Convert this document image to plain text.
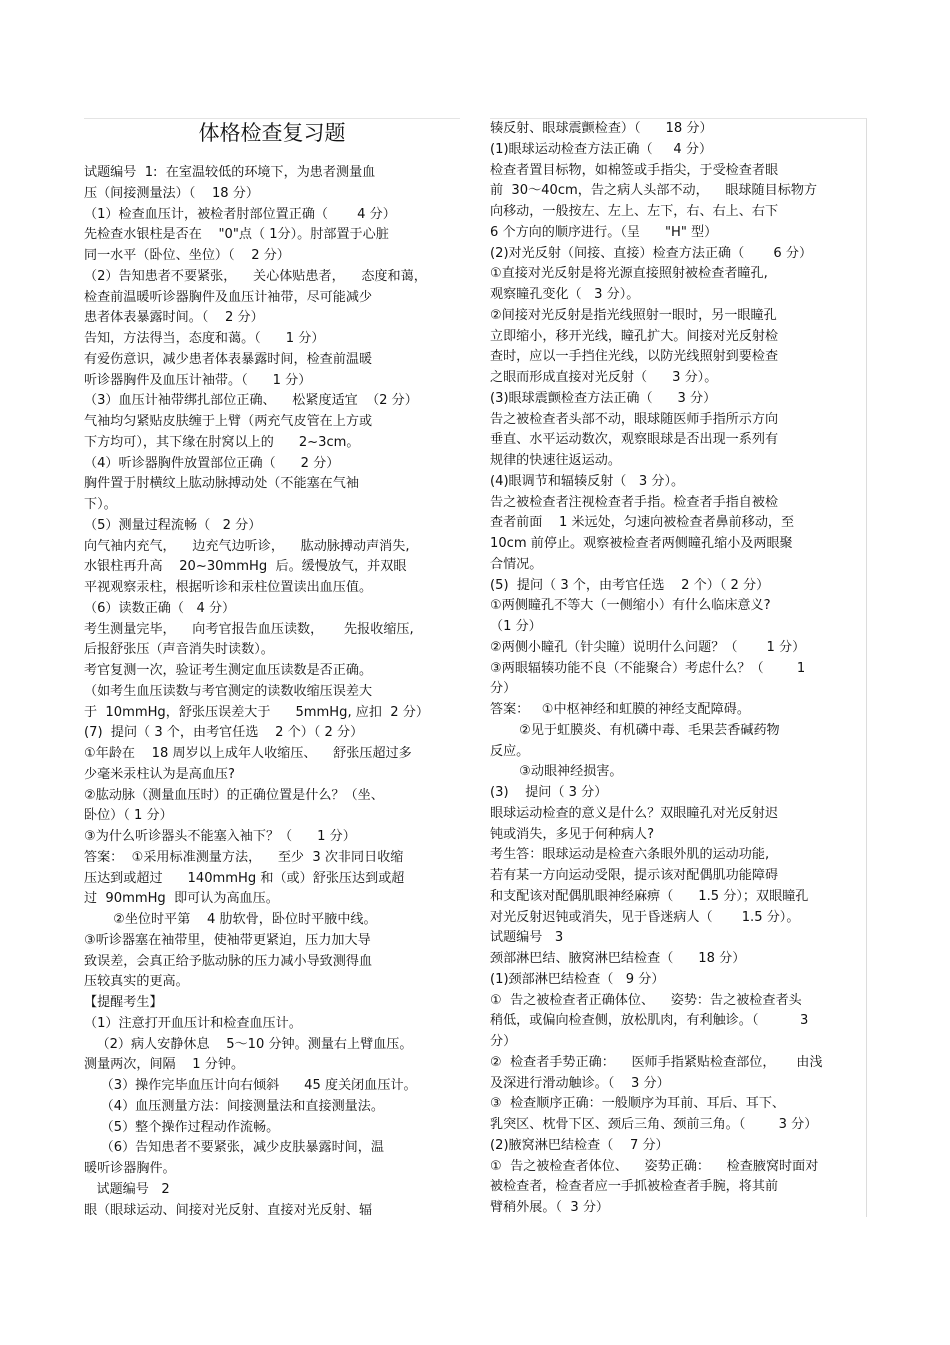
体格检查复习题
试题编号  1:  在室温较低的环境下，为患者测量血
压（间接测量法）（    18 分）
（1）检查血压计，被检者肘部位置正确（       4 分）
先检查水银柱是否在    "0"点（ 1分）。肘部置于心脏
同一水平（卧位、坐位）（    2 分）
（2）告知患者不要紧张，    关心体贴患者，    态度和蔼，
检查前温暖听诊器胸件及血压计袖带，尽可能减少
患者体表暴露时间。（    2 分）
告知，方法得当，态度和蔼。（      1 分）
有爱伤意识，减少患者体表暴露时间，检查前温暖
听诊器胸件及血压计袖带。（      1 分）
（3）血压计袖带绑扎部位正确、    松紧度适宜  （2 分）
气袖均匀紧贴皮肤缠于上臂（两充气皮管在上方或
下方均可），其下缘在肘窝以上的      2~3cm。
（4）听诊器胸件放置部位正确（      2 分）
胸件置于肘横纹上肱动脉搏动处（不能塞在气袖
下）。
（5）测量过程流畅（   2 分）
向气袖内充气，    边充气边听诊，    肱动脉搏动声消失,
水银柱再升高    20~30mmHg  后。缓慢放气，并双眼
平视观察汞柱，根据听诊和汞柱位置读出血压值。
（6）读数正确（   4 分）
考生测量完毕，    向考官报告血压读数，     先报收缩压,
后报舒张压（声音消失时读数）。
考官复测一次，验证考生测定血压读数是否正确。
（如考生血压读数与考官测定的读数收缩压误差大
于  10mmHg，舒张压误差大于      5mmHg, 应扣  2 分）
(7)  提问（ 3 个，由考官任选    2 个）（ 2 分）
①年龄在    18 周岁以上成年人收缩压、    舒张压超过多
少毫米汞柱认为是高血压?
②肱动脉（测量血压时）的正确位置是什么？（坐、
卧位）（ 1 分）
③为什么听诊器头不能塞入袖下？（      1 分）
答案：  ①采用标准测量方法，    至少  3 次非同日收缩
压达到或超过      140mmHg 和（或）舒张压达到或超
过  90mmHg  即可认为高血压。
②坐位时平第    4 肋软骨，卧位时平腋中线。
③听诊器塞在袖带里，使袖带更紧迫，压力加大导
致误差，会真正给予肱动脉的压力减小导致测得血
压较真实的更高。
【提醒考生】
（1）注意打开血压计和检查血压计。
（2）病人安静休息    5～10 分钟。测量右上臂血压。
测量两次，间隔    1 分钟。
（3）操作完毕血压计向右倾斜      45 度关闭血压计。
（4）血压测量方法：间接测量法和直接测量法。
（5）整个操作过程动作流畅。
（6）告知患者不要紧张，减少皮肤暴露时间，温
暖听诊器胸件。
试题编号   2
眼（眼球运动、间接对光反射、直接对光反射、辐
辏反射、眼球震颤检查）（      18 分）
(1)眼球运动检查方法正确（     4 分）
检查者置目标物，如棉签或手指尖，于受检查者眼
前  30～40cm，告之病人头部不动，    眼球随目标物方
向移动，一般按左、左上、左下，右、右上、右下
6 个方向的顺序进行。（呈      "H" 型）
(2)对光反射（间接、直接）检查方法正确（       6 分）
①直接对光反射是将光源直接照射被检查者瞳孔,
观察瞳孔变化（   3 分）。
②间接对光反射是指光线照射一眼时，另一眼瞳孔
立即缩小，移开光线，瞳孔扩大。间接对光反射检
查时，应以一手挡住光线，以防光线照射到要检查
之眼而形成直接对光反射（      3 分）。
(3)眼球震颤检查方法正确（      3 分）
告之被检查者头部不动，眼球随医师手指所示方向
垂直、水平运动数次，观察眼球是否出现一系列有
规律的快速往返运动。
(4)眼调节和辐辏反射（   3 分）。
告之被检查者注视检查者手指。检查者手指自被检
查者前面    1 米远处，匀速向被检查者鼻前移动，至
10cm 前停止。观察被检查者两侧瞳孔缩小及两眼聚
合情况。
(5)  提问（ 3 个，由考官任选    2 个）（ 2 分）
①两侧瞳孔不等大（一侧缩小）有什么临床意义?
（1 分）
②两侧小瞳孔（针尖瞳）说明什么问题？（       1 分）
③两眼辐辏功能不良（不能聚合）考虑什么？（        1
分）
答案：   ①中枢神经和虹膜的神经支配障碍。
②见于虹膜炎、有机磷中毒、毛果芸香碱药物
反应。
③动眼神经损害。
(3)    提问（ 3 分）
眼球运动检查的意义是什么？双眼瞳孔对光反射迟
钝或消失，多见于何种病人?
考生答：眼球运动是检查六条眼外肌的运动功能,
若有某一方向运动受限，提示该对配偶肌功能障碍
和支配该对配偶肌眼神经麻痹（      1.5 分）；双眼瞳孔
对光反射迟钝或消失，见于昏迷病人（       1.5 分）。
试题编号   3
颈部淋巴结、腋窝淋巴结检查（      18 分）
(1)颈部淋巴结检查（   9 分）
①  告之被检查者正确体位、    姿势：告之被检查者头
稍低，或偏向检查侧，放松肌肉，有利触诊。（          3
分）
②  检查者手势正确：    医师手指紧贴检查部位，     由浅
及深进行滑动触诊。（    3 分）
③  检查顺序正确：一般顺序为耳前、耳后、耳下、
乳突区、枕骨下区、颈后三角、颈前三角。（        3 分）
(2)腋窝淋巴结检查（    7 分）
①  告之被检查者体位、    姿势正确：    检查腋窝时面对
被检查者，检查者应一手抓被检查者手腕，将其前
臂稍外展。（  3 分）
